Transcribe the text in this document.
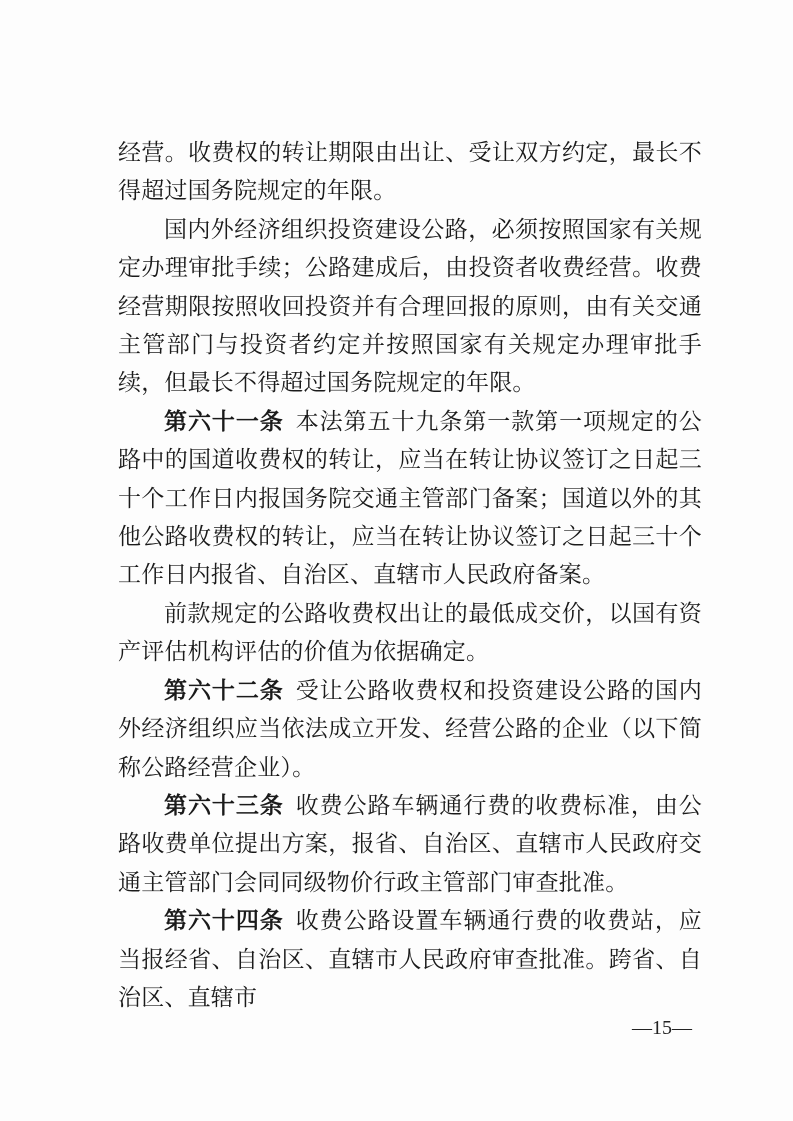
经营。收费权的转让期限由出让、受让双方约定，最长不得超过国务院规定的年限。

国内外经济组织投资建设公路，必须按照国家有关规定办理审批手续；公路建成后，由投资者收费经营。收费经营期限按照收回投资并有合理回报的原则，由有关交通主管部门与投资者约定并按照国家有关规定办理审批手续，但最长不得超过国务院规定的年限。

第六十一条 本法第五十九条第一款第一项规定的公路中的国道收费权的转让，应当在转让协议签订之日起三十个工作日内报国务院交通主管部门备案；国道以外的其他公路收费权的转让，应当在转让协议签订之日起三十个工作日内报省、自治区、直辖市人民政府备案。

前款规定的公路收费权出让的最低成交价，以国有资产评估机构评估的价值为依据确定。

第六十二条 受让公路收费权和投资建设公路的国内外经济组织应当依法成立开发、经营公路的企业（以下简称公路经营企业）。

第六十三条 收费公路车辆通行费的收费标准，由公路收费单位提出方案，报省、自治区、直辖市人民政府交通主管部门会同同级物价行政主管部门审查批准。

第六十四条 收费公路设置车辆通行费的收费站，应当报经省、自治区、直辖市人民政府审查批准。跨省、自治区、直辖市

—15—
